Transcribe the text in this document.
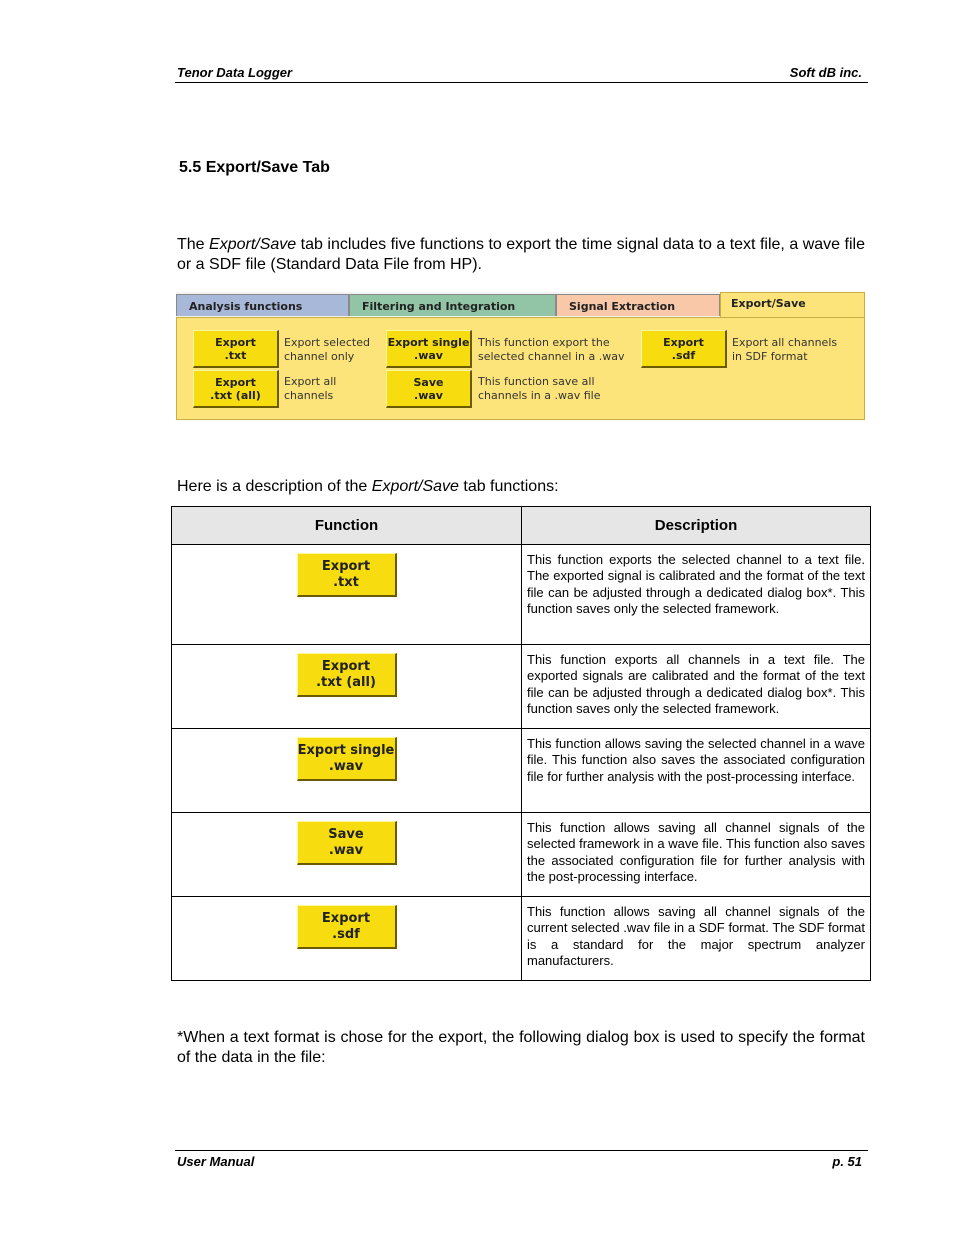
Tenor Data Logger	Soft dB inc.
5.5 Export/Save Tab
The Export/Save tab includes five functions to export the time signal data to a text file, a wave file or a SDF file (Standard Data File from HP).
Analysis functions	Filtering and Integration	Signal Extraction	Export/Save
Export
.txt
Export selected
channel only
Export
.txt (all)
Export all
channels
Export single
.wav
This function export the
selected channel in a .wav
Save
.wav
This function save all
channels in a .wav file
Export
.sdf
Export all channels
in SDF format
Here is a description of the Export/Save tab functions:
Function	Description

Export
.txt	This function exports the selected channel to a text file. The exported signal is calibrated and the format of the text file can be adjusted through a dedicated dialog box*. This function saves only the selected framework.

Export
.txt (all)	This function exports all channels in a text file. The exported signals are calibrated and the format of the text file can be adjusted through a dedicated dialog box*. This function saves only the selected framework.

Export single
.wav	This function allows saving the selected channel in a wave file. This function also saves the associated configuration file for further analysis with the post-processing interface.

Save
.wav	This function allows saving all channel signals of the selected framework in a wave file. This function also saves the associated configuration file for further analysis with the post-processing interface.

Export
.sdf	This function allows saving all channel signals of the current selected .wav file in a SDF format. The SDF format is a standard for the major spectrum analyzer manufacturers.
*When a text format is chose for the export, the following dialog box is used to specify the format of the data in the file:
User Manual	p. 51
